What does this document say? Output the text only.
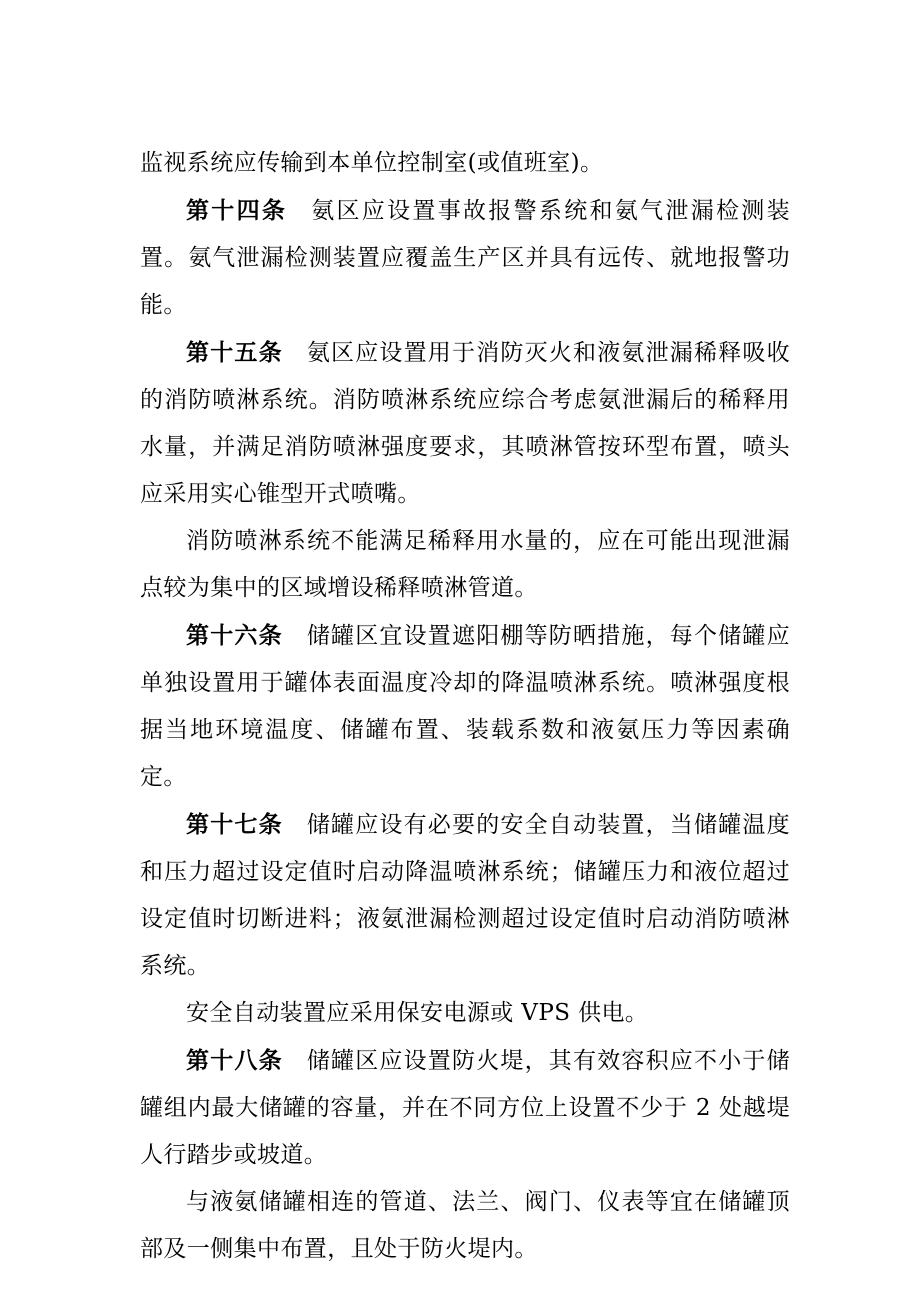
监视系统应传输到本单位控制室(或值班室)。

第十四条 氨区应设置事故报警系统和氨气泄漏检测装置。氨气泄漏检测装置应覆盖生产区并具有远传、就地报警功能。

第十五条 氨区应设置用于消防灭火和液氨泄漏稀释吸收的消防喷淋系统。消防喷淋系统应综合考虑氨泄漏后的稀释用水量，并满足消防喷淋强度要求，其喷淋管按环型布置，喷头应采用实心锥型开式喷嘴。

消防喷淋系统不能满足稀释用水量的，应在可能出现泄漏点较为集中的区域增设稀释喷淋管道。

第十六条 储罐区宜设置遮阳棚等防晒措施，每个储罐应单独设置用于罐体表面温度冷却的降温喷淋系统。喷淋强度根据当地环境温度、储罐布置、装载系数和液氨压力等因素确定。

第十七条 储罐应设有必要的安全自动装置，当储罐温度和压力超过设定值时启动降温喷淋系统；储罐压力和液位超过设定值时切断进料；液氨泄漏检测超过设定值时启动消防喷淋系统。

安全自动装置应采用保安电源或 VPS 供电。

第十八条 储罐区应设置防火堤，其有效容积应不小于储罐组内最大储罐的容量，并在不同方位上设置不少于 2 处越堤人行踏步或坡道。

与液氨储罐相连的管道、法兰、阀门、仪表等宜在储罐顶部及一侧集中布置，且处于防火堤内。
